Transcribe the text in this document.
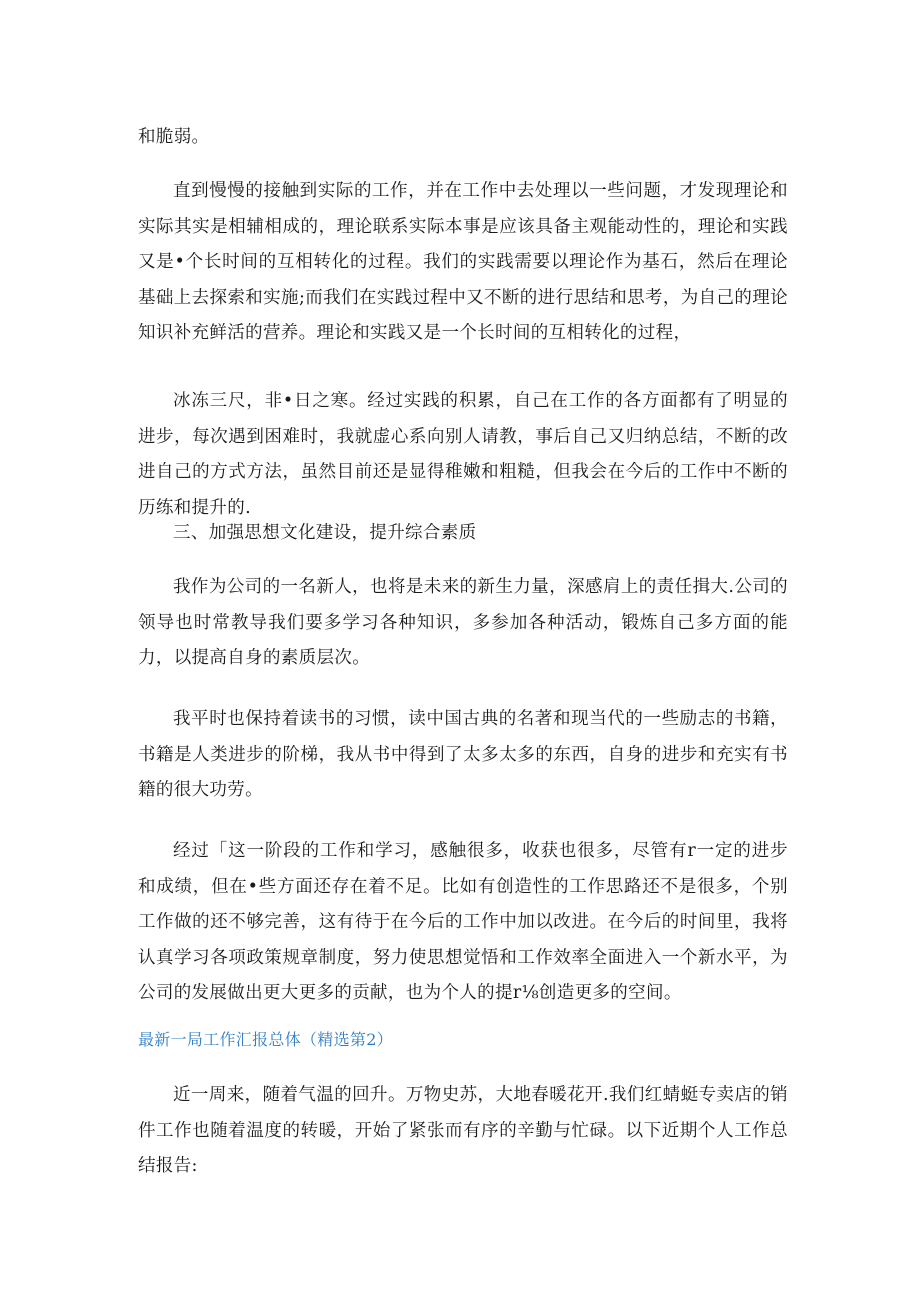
和脆弱。

直到慢慢的接触到实际的工作，并在工作中去处理以一些问题，才发现理论和实际其实是相辅相成的，理论联系实际本事是应该具备主观能动性的，理论和实践又是•个长时间的互相转化的过程。我们的实践需要以理论作为基石，然后在理论基础上去探索和实施;而我们在实践过程中又不断的进行思结和思考，为自己的理论知识补充鲜活的营养。理论和实践又是一个长时间的互相转化的过程，

冰冻三尺，非•日之寒。经过实践的积累，自己在工作的各方面都有了明显的进步，每次遇到困难时，我就虚心系向别人请教，事后自己又归纳总结，不断的改进自己的方式方法，虽然目前还是显得稚嫩和粗糙，但我会在今后的工作中不断的历练和提升的.

三、加强思想文化建设，提升综合素质

我作为公司的一名新人，也将是未来的新生力量，深感肩上的责任揖大.公司的领导也时常教导我们要多学习各种知识，多参加各种活动，锻炼自己多方面的能力，以提高自身的素质层次。

我平时也保持着读书的习惯，读中国古典的名著和现当代的一些励志的书籍，书籍是人类进步的阶梯，我从书中得到了太多太多的东西，自身的进步和充实有书籍的很大功劳。

经过「这一阶段的工作和学习，感触很多，收获也很多，尽管有r一定的进步和成绩，但在•些方面还存在着不足。比如有创造性的工作思路还不是很多，个别工作做的还不够完善，这有待于在今后的工作中加以改进。在今后的时间里，我将认真学习各项政策规章制度，努力使思想觉悟和工作效率全面进入一个新水平，为公司的发展做出更大更多的贡献，也为个人的提r⅛创造更多的空间。

最新一局工作汇报总体（精选第2）

近一周来，随着气温的回升。万物史苏，大地春暖花开.我们红蜻蜓专卖店的销件工作也随着温度的转暖，开始了紧张而有序的辛勤与忙碌。以下近期个人工作总结报告:
